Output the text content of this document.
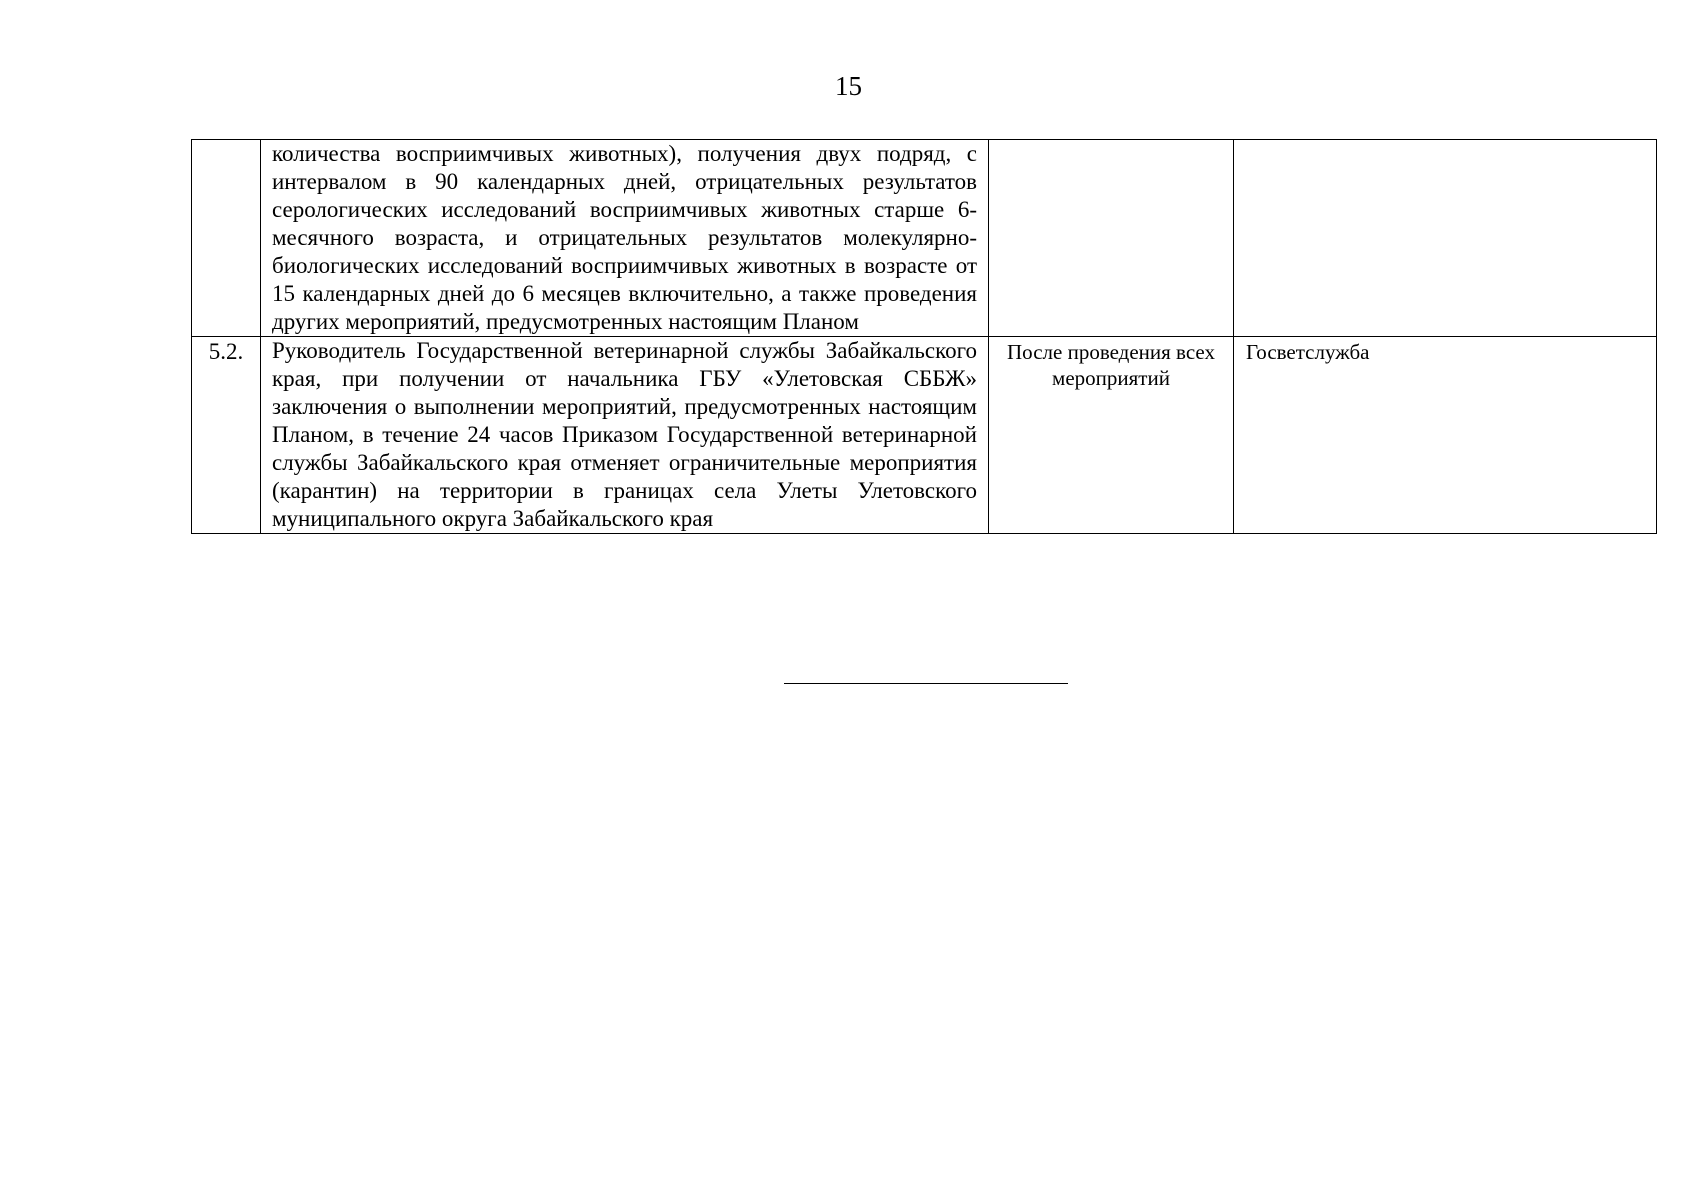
15
	количества восприимчивых животных), получения двух подряд, с интервалом в 90 календарных дней, отрицательных результатов серологических исследований восприимчивых животных старше 6-месячного возраста, и отрицательных результатов молекулярно-биологических исследований восприимчивых животных в возрасте от 15 календарных дней до 6 месяцев включительно, а также проведения других мероприятий, предусмотренных настоящим Планом		
5.2.	Руководитель Государственной ветеринарной службы Забайкальского края, при получении от начальника ГБУ «Улетовская СББЖ» заключения о выполнении мероприятий, предусмотренных настоящим Планом, в течение 24 часов Приказом Государственной ветеринарной службы Забайкальского края отменяет ограничительные мероприятия (карантин) на территории в границах села Улеты Улетовского муниципального округа Забайкальского края	После проведения всех мероприятий	Госветслужба
